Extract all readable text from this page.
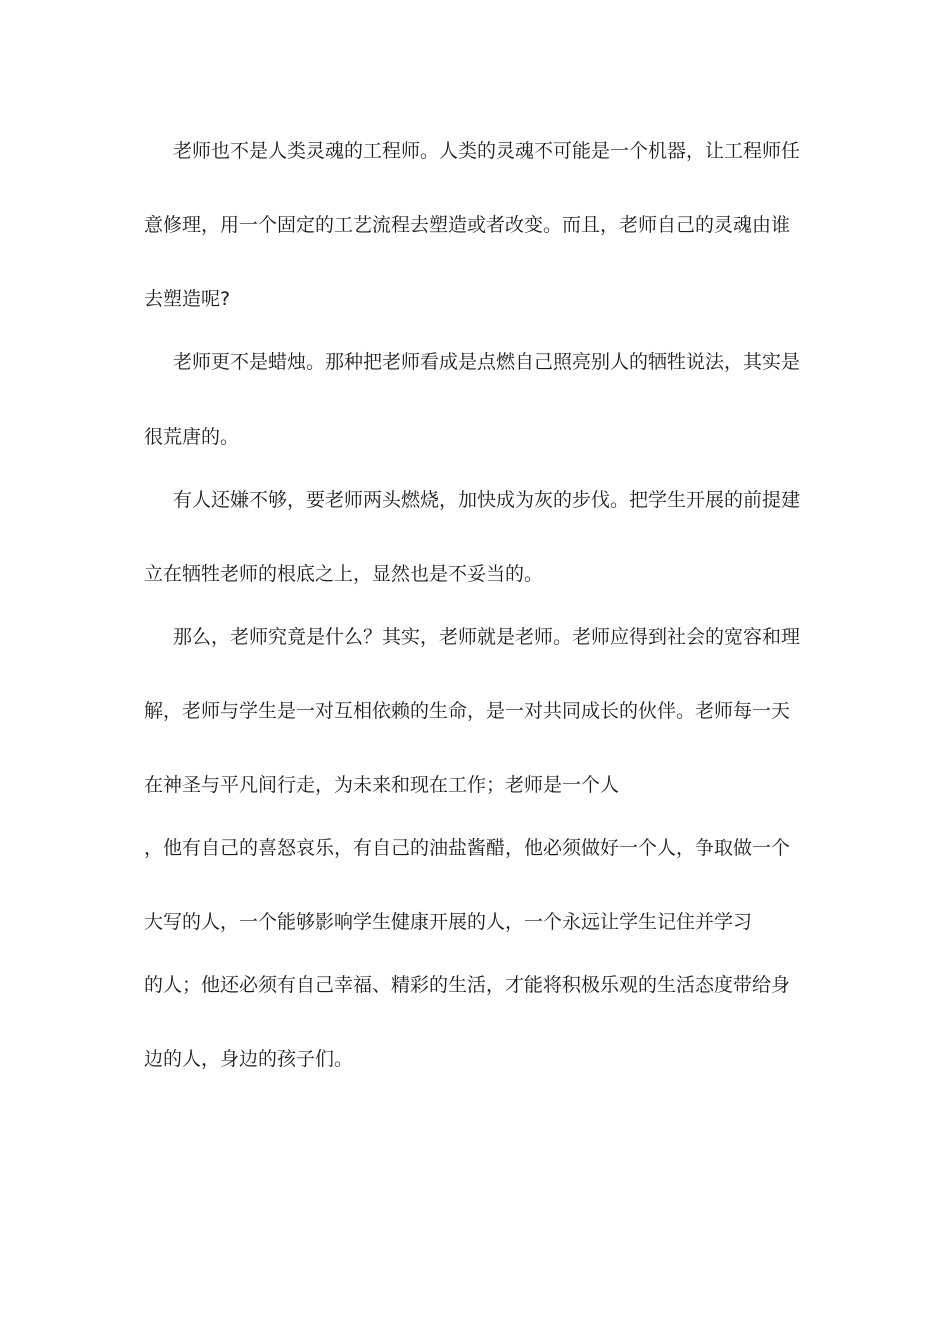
老师也不是人类灵魂的工程师。人类的灵魂不可能是一个机器，让工程师任
意修理，用一个固定的工艺流程去塑造或者改变。而且，老师自己的灵魂由谁
去塑造呢?
老师更不是蜡烛。那种把老师看成是点燃自己照亮别人的牺牲说法，其实是
很荒唐的。
有人还嫌不够，要老师两头燃烧，加快成为灰的步伐。把学生开展的前提建
立在牺牲老师的根底之上，显然也是不妥当的。
那么，老师究竟是什么？其实，老师就是老师。老师应得到社会的宽容和理
解，老师与学生是一对互相依赖的生命，是一对共同成长的伙伴。老师每一天
在神圣与平凡间行走，为未来和现在工作；老师是一个人
，他有自己的喜怒哀乐，有自己的油盐酱醋，他必须做好一个人，争取做一个
大写的人，一个能够影响学生健康开展的人，一个永远让学生记住并学习
的人；他还必须有自己幸福、精彩的生活，才能将积极乐观的生活态度带给身
边的人，身边的孩子们。
